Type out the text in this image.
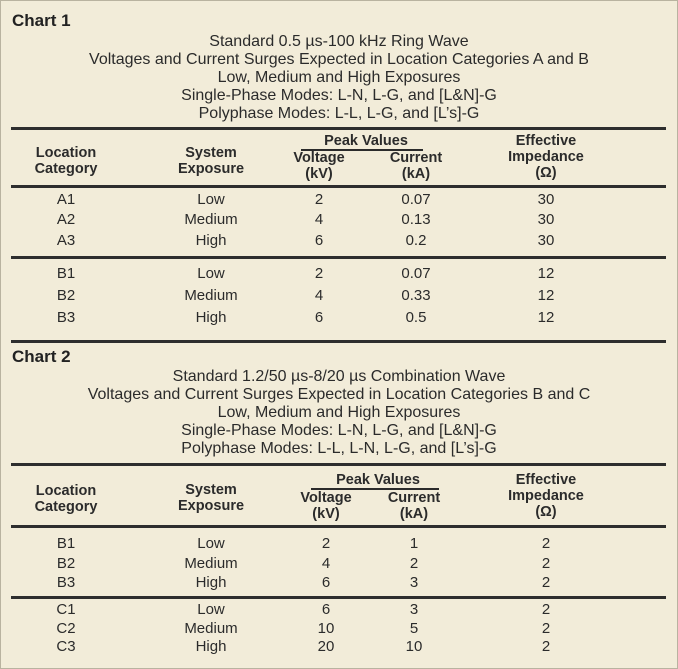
Chart 1
Standard 0.5 µs-100 kHz Ring Wave
Voltages and Current Surges Expected in Location Categories A and B
Low, Medium and High Exposures
Single-Phase Modes: L-N, L-G, and [L&N]-G
Polyphase Modes: L-L, L-G, and [L’s]-G
Location
Category
System
Exposure
Peak Values
Voltage
(kV)
Current
(kA)
Effective
Impedance
(Ω)
A1	Low	2	0.07	30
A2	Medium	4	0.13	30
A3	High	6	0.2	30
B1	Low	2	0.07	12
B2	Medium	4	0.33	12
B3	High	6	0.5	12
Chart 2
Standard 1.2/50 µs-8/20 µs Combination Wave
Voltages and Current Surges Expected in Location Categories B and C
Low, Medium and High Exposures
Single-Phase Modes: L-N, L-G, and [L&N]-G
Polyphase Modes: L-L, L-N, L-G, and [L’s]-G
Location
Category
System
Exposure
Peak Values
Voltage
(kV)
Current
(kA)
Effective
Impedance
(Ω)
B1	Low	2	1	2
B2	Medium	4	2	2
B3	High	6	3	2
C1	Low	6	3	2
C2	Medium	10	5	2
C3	High	20	10	2
